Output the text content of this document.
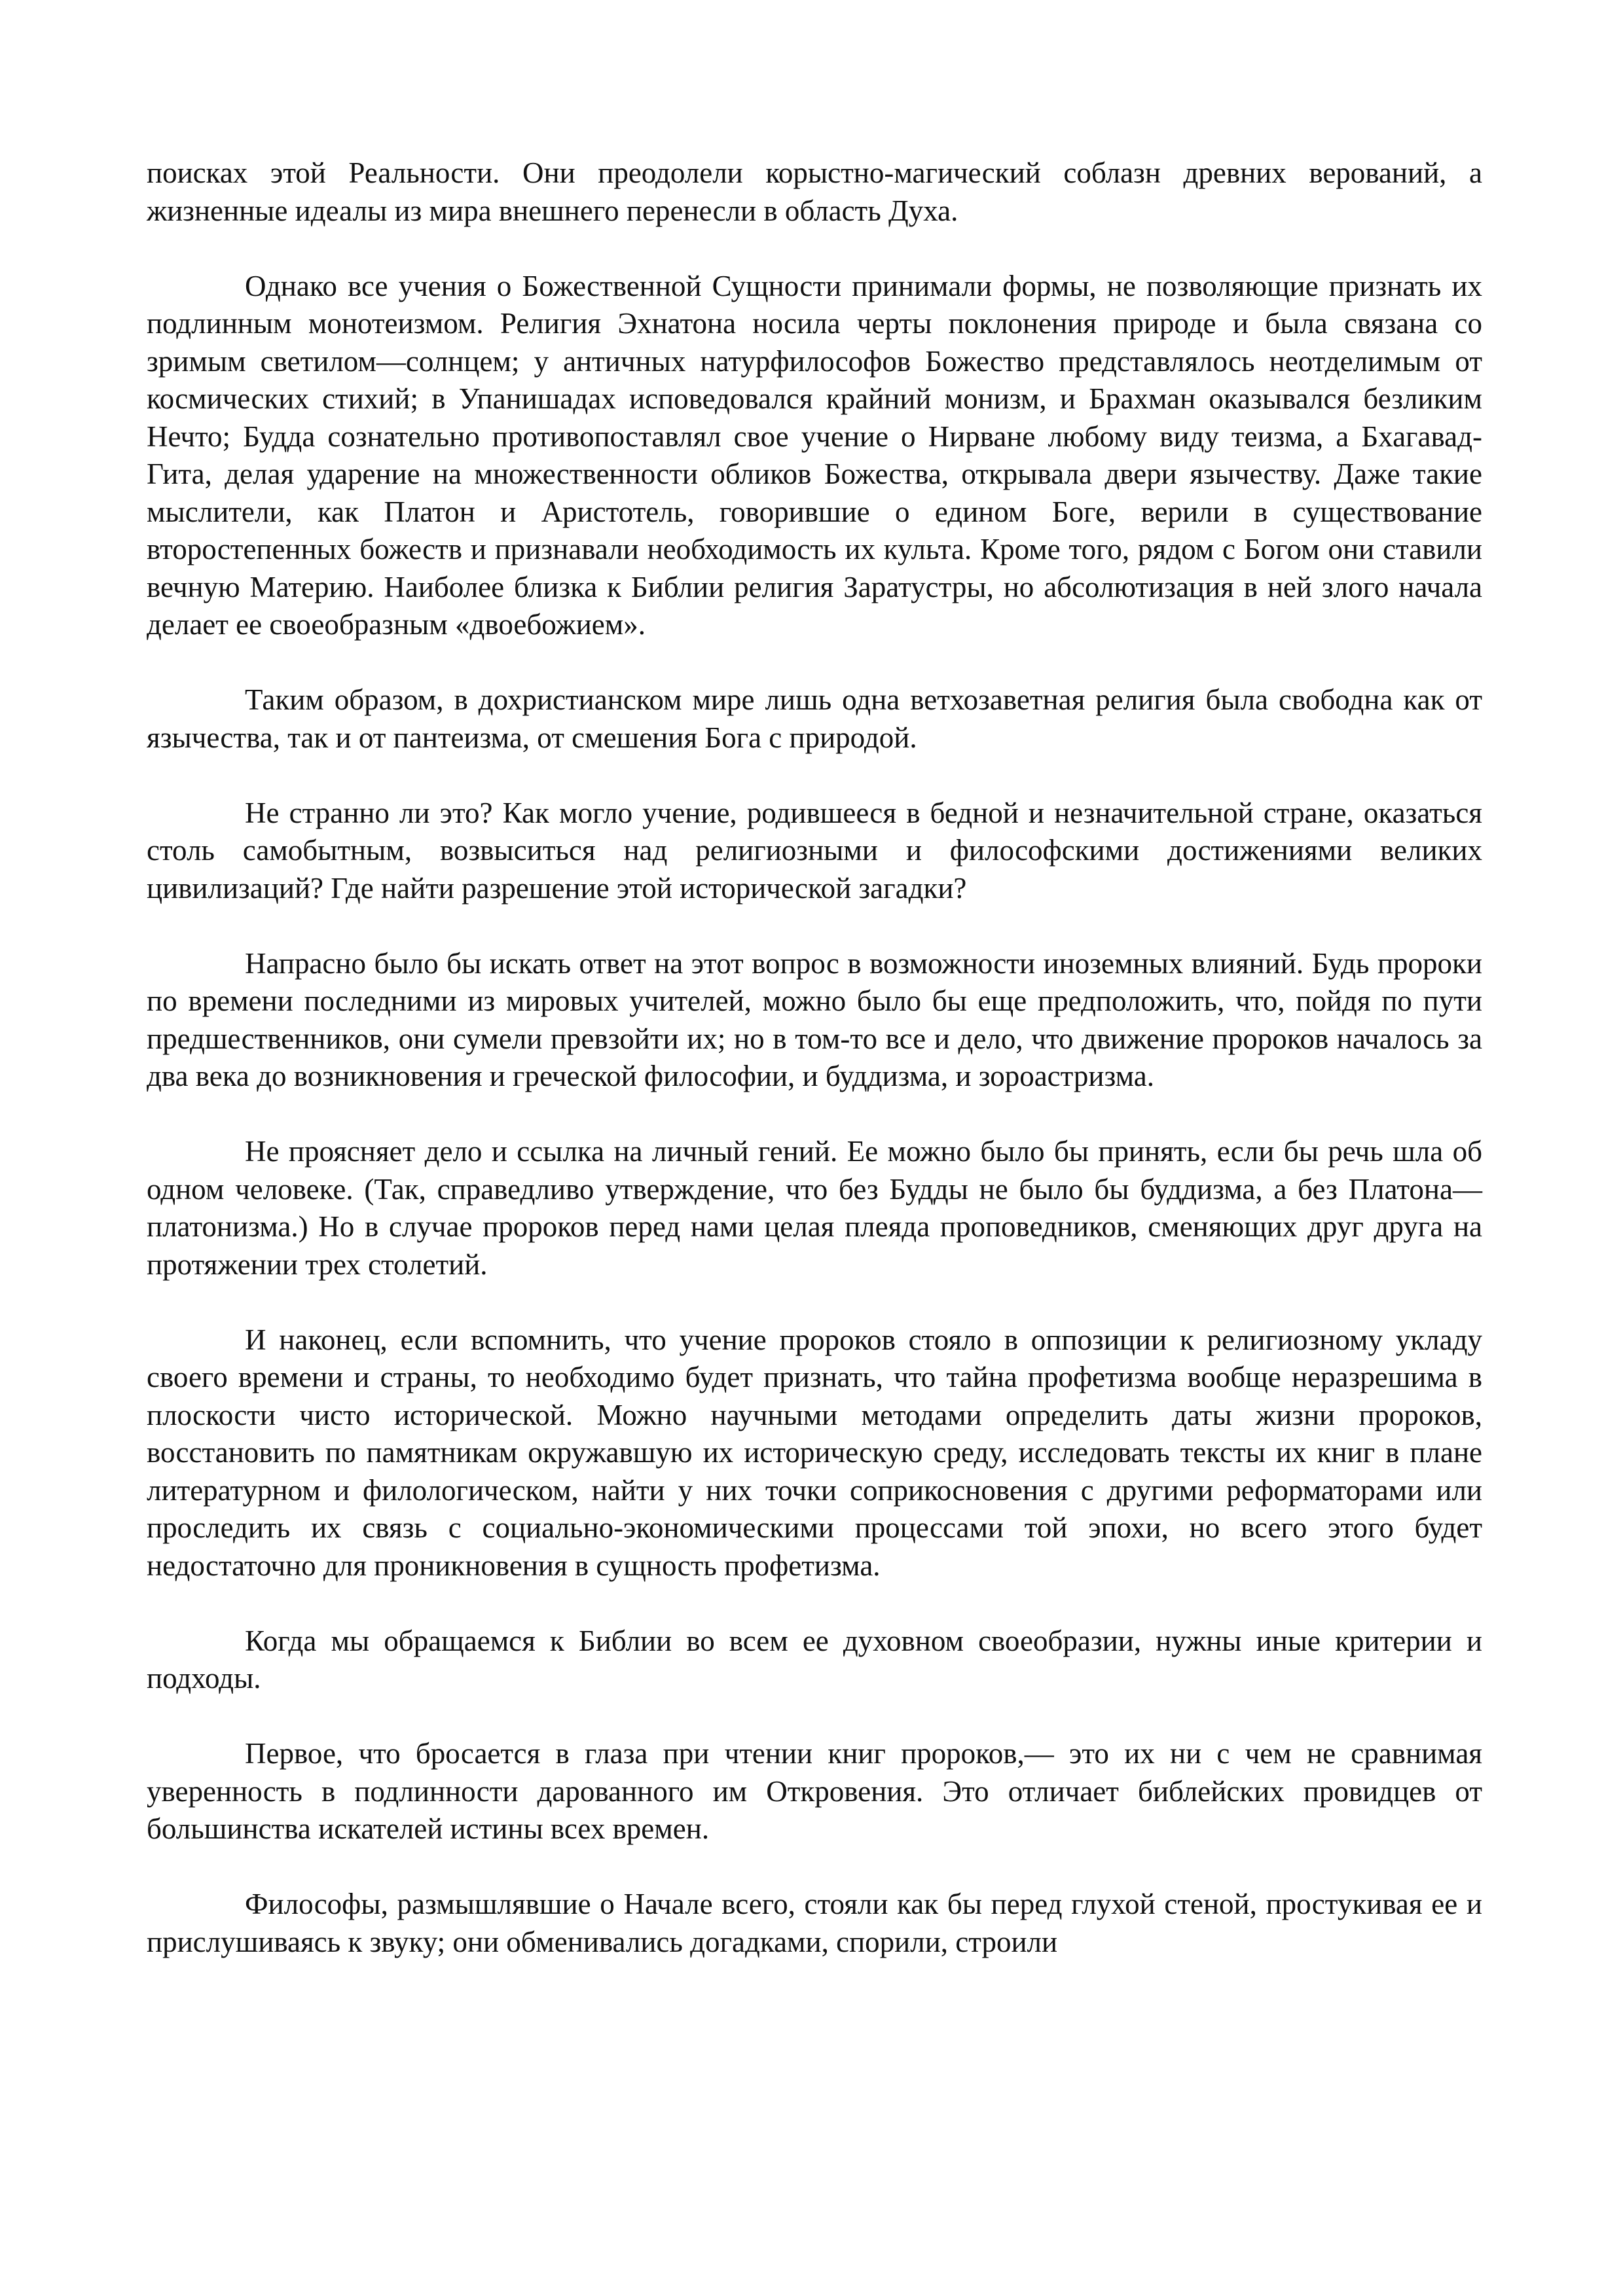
поисках этой Реальности. Они преодолели корыстно-магический соблазн древних верований, а жизненные идеалы из мира внешнего перенесли в область Духа.

Однако все учения о Божественной Сущности принимали формы, не позволяющие признать их подлинным монотеизмом. Религия Эхнатона носила черты поклонения природе и была связана со зримым светилом—солнцем; у античных натурфилософов Божество представлялось неотделимым от космических стихий; в Упанишадах исповедовался крайний монизм, и Брахман оказывался безликим Нечто; Будда сознательно противопоставлял свое учение о Нирване любому виду теизма, а Бхагавад-Гита, делая ударение на множественности обликов Божества, открывала двери язычеству. Даже такие мыслители, как Платон и Аристотель, говорившие о едином Боге, верили в существование второстепенных божеств и признавали необходимость их культа. Кроме того, рядом с Богом они ставили вечную Материю. Наиболее близка к Библии религия Заратустры, но абсолютизация в ней злого начала делает ее своеобразным «двоебожием».

Таким образом, в дохристианском мире лишь одна ветхозаветная религия была свободна как от язычества, так и от пантеизма, от смешения Бога с природой.

Не странно ли это? Как могло учение, родившееся в бедной и незначительной стране, оказаться столь самобытным, возвыситься над религиозными и философскими достижениями великих цивилизаций? Где найти разрешение этой исторической загадки?

Напрасно было бы искать ответ на этот вопрос в возможности иноземных влияний. Будь пророки по времени последними из мировых учителей, можно было бы еще предположить, что, пойдя по пути предшественников, они сумели превзойти их; но в том-то все и дело, что движение пророков началось за два века до возникновения и греческой философии, и буддизма, и зороастризма.

Не проясняет дело и ссылка на личный гений. Ее можно было бы принять, если бы речь шла об одном человеке. (Так, справедливо утверждение, что без Будды не было бы буддизма, а без Платона—платонизма.) Но в случае пророков перед нами целая плеяда проповедников, сменяющих друг друга на протяжении трех столетий.

И наконец, если вспомнить, что учение пророков стояло в оппозиции к религиозному укладу своего времени и страны, то необходимо будет признать, что тайна профетизма вообще неразрешима в плоскости чисто исторической. Можно научными методами определить даты жизни пророков, восстановить по памятникам окружавшую их историческую среду, исследовать тексты их книг в плане литературном и филологическом, найти у них точки соприкосновения с другими реформаторами или проследить их связь с социально-экономическими процессами той эпохи, но всего этого будет недостаточно для проникновения в сущность профетизма.

Когда мы обращаемся к Библии во всем ее духовном своеобразии, нужны иные критерии и подходы.

Первое, что бросается в глаза при чтении книг пророков,— это их ни с чем не сравнимая уверенность в подлинности дарованного им Откровения. Это отличает библейских провидцев от большинства искателей истины всех времен.

Философы, размышлявшие о Начале всего, стояли как бы перед глухой стеной, простукивая ее и прислушиваясь к звуку; они обменивались догадками, спорили, строили
